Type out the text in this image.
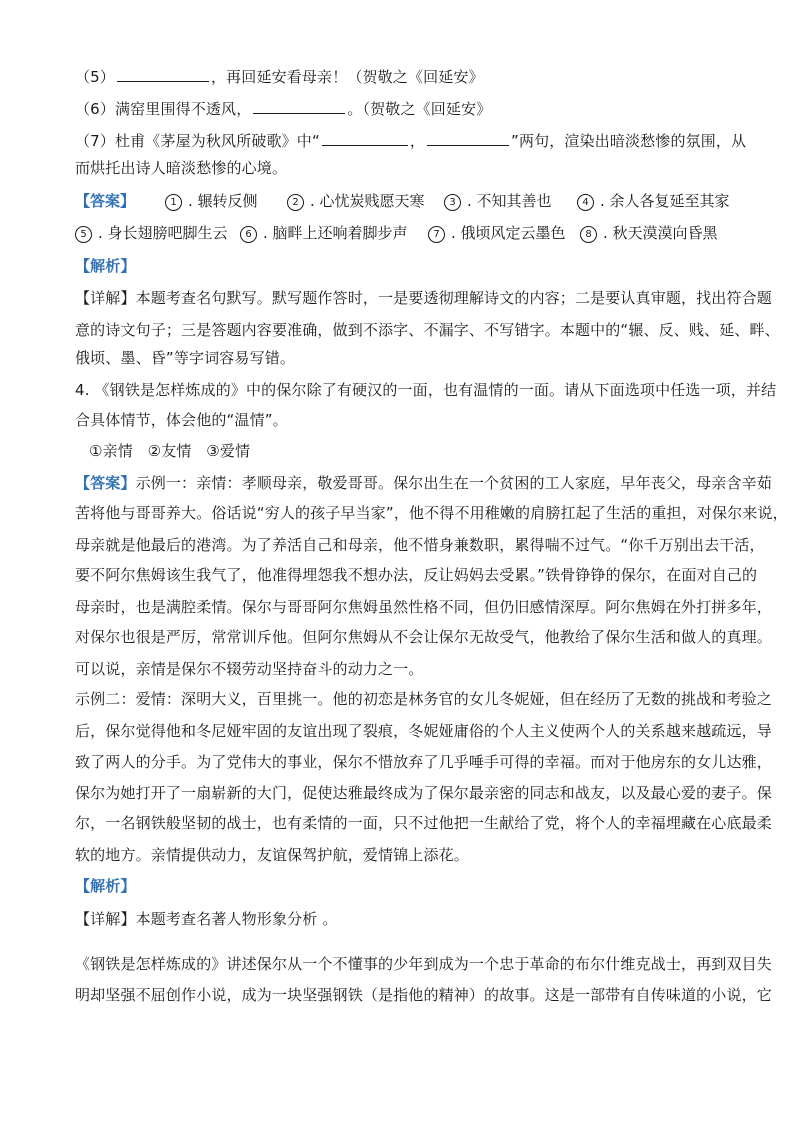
（5）	，再回延安看母亲！（贺敬之《回延安》
（6）满窑里围得不透风，	。（贺敬之《回延安》
（7）杜甫《茅屋为秋风所破歌》中“	，	”两句，渲染出暗淡愁惨的氛围，从
而烘托出诗人暗淡愁惨的心境。
【答案】	1 . 辗转反侧	2 . 心忧炭贱愿天寒	3 . 不知其善也	4 . 余人各复延至其家
5 . 身长翅膀吧脚生云	6 . 脑畔上还响着脚步声	7 . 俄顷风定云墨色	8 . 秋天漠漠向昏黑
【解析】
【详解】本题考查名句默写。默写题作答时，一是要透彻理解诗文的内容；二是要认真审题，找出符合题
意的诗文句子；三是答题内容要准确，做到不添字、不漏字、不写错字。本题中的“辗、反、贱、延、畔、
俄顷、墨、昏”等字词容易写错。
4. 《钢铁是怎样炼成的》中的保尔除了有硬汉的一面，也有温情的一面。请从下面选项中任选一项，并结
合具体情节，体会他的“温情”。
①亲情   ②友情   ③爱情
【答案】示例一：亲情：孝顺母亲，敬爱哥哥。保尔出生在一个贫困的工人家庭，早年丧父，母亲含辛茹
苦将他与哥哥养大。俗话说“穷人的孩子早当家”，他不得不用稚嫩的肩膀扛起了生活的重担，对保尔来说，
母亲就是他最后的港湾。为了养活自己和母亲，他不惜身兼数职，累得喘不过气。“你千万别出去干活，
要不阿尔焦姆该生我气了，他准得埋怨我不想办法，反让妈妈去受累。”铁骨铮铮的保尔，在面对自己的
母亲时，也是满腔柔情。保尔与哥哥阿尔焦姆虽然性格不同，但仍旧感情深厚。阿尔焦姆在外打拼多年，
对保尔也很是严厉，常常训斥他。但阿尔焦姆从不会让保尔无故受气，他教给了保尔生活和做人的真理。
可以说，亲情是保尔不辍劳动坚持奋斗的动力之一。
示例二：爱情：深明大义，百里挑一。他的初恋是林务官的女儿冬妮娅，但在经历了无数的挑战和考验之
后，保尔觉得他和冬尼娅牢固的友谊出现了裂痕，冬妮娅庸俗的个人主义使两个人的关系越来越疏远，导
致了两人的分手。为了党伟大的事业，保尔不惜放弃了几乎唾手可得的幸福。而对于他房东的女儿达雅，
保尔为她打开了一扇崭新的大门，促使达雅最终成为了保尔最亲密的同志和战友，以及最心爱的妻子。保
尔，一名钢铁般坚韧的战士，也有柔情的一面，只不过他把一生献给了党，将个人的幸福埋藏在心底最柔
软的地方。亲情提供动力，友谊保驾护航，爱情锦上添花。
【解析】
【详解】本题考查名著人物形象分析 。
《钢铁是怎样炼成的》讲述保尔从一个不懂事的少年到成为一个忠于革命的布尔什维克战士，再到双目失
明却坚强不屈创作小说，成为一块坚强钢铁（是指他的精神）的故事。这是一部带有自传味道的小说，它
